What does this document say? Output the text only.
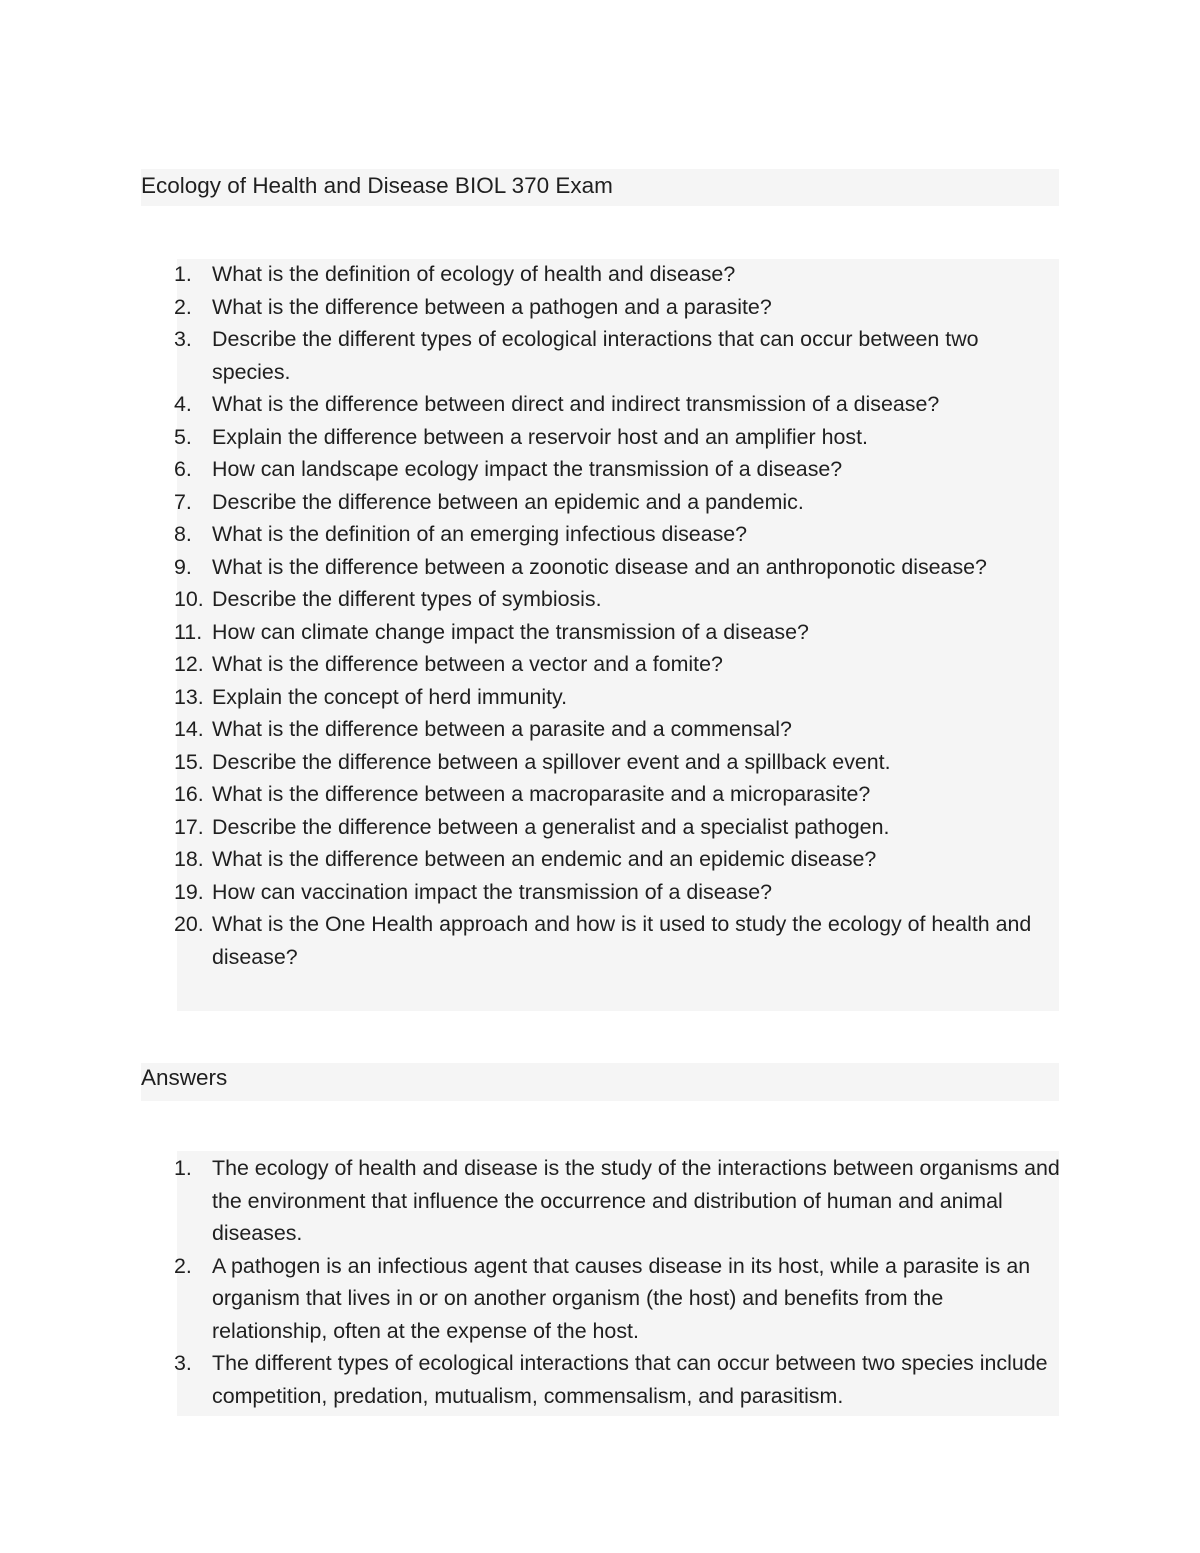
Ecology of Health and Disease BIOL 370 Exam
1. What is the definition of ecology of health and disease?
2. What is the difference between a pathogen and a parasite?
3. Describe the different types of ecological interactions that can occur between two species.
4. What is the difference between direct and indirect transmission of a disease?
5. Explain the difference between a reservoir host and an amplifier host.
6. How can landscape ecology impact the transmission of a disease?
7. Describe the difference between an epidemic and a pandemic.
8. What is the definition of an emerging infectious disease?
9. What is the difference between a zoonotic disease and an anthroponotic disease?
10. Describe the different types of symbiosis.
11. How can climate change impact the transmission of a disease?
12. What is the difference between a vector and a fomite?
13. Explain the concept of herd immunity.
14. What is the difference between a parasite and a commensal?
15. Describe the difference between a spillover event and a spillback event.
16. What is the difference between a macroparasite and a microparasite?
17. Describe the difference between a generalist and a specialist pathogen.
18. What is the difference between an endemic and an epidemic disease?
19. How can vaccination impact the transmission of a disease?
20. What is the One Health approach and how is it used to study the ecology of health and disease?
Answers
1. The ecology of health and disease is the study of the interactions between organisms and the environment that influence the occurrence and distribution of human and animal diseases.
2. A pathogen is an infectious agent that causes disease in its host, while a parasite is an organism that lives in or on another organism (the host) and benefits from the relationship, often at the expense of the host.
3. The different types of ecological interactions that can occur between two species include competition, predation, mutualism, commensalism, and parasitism.
